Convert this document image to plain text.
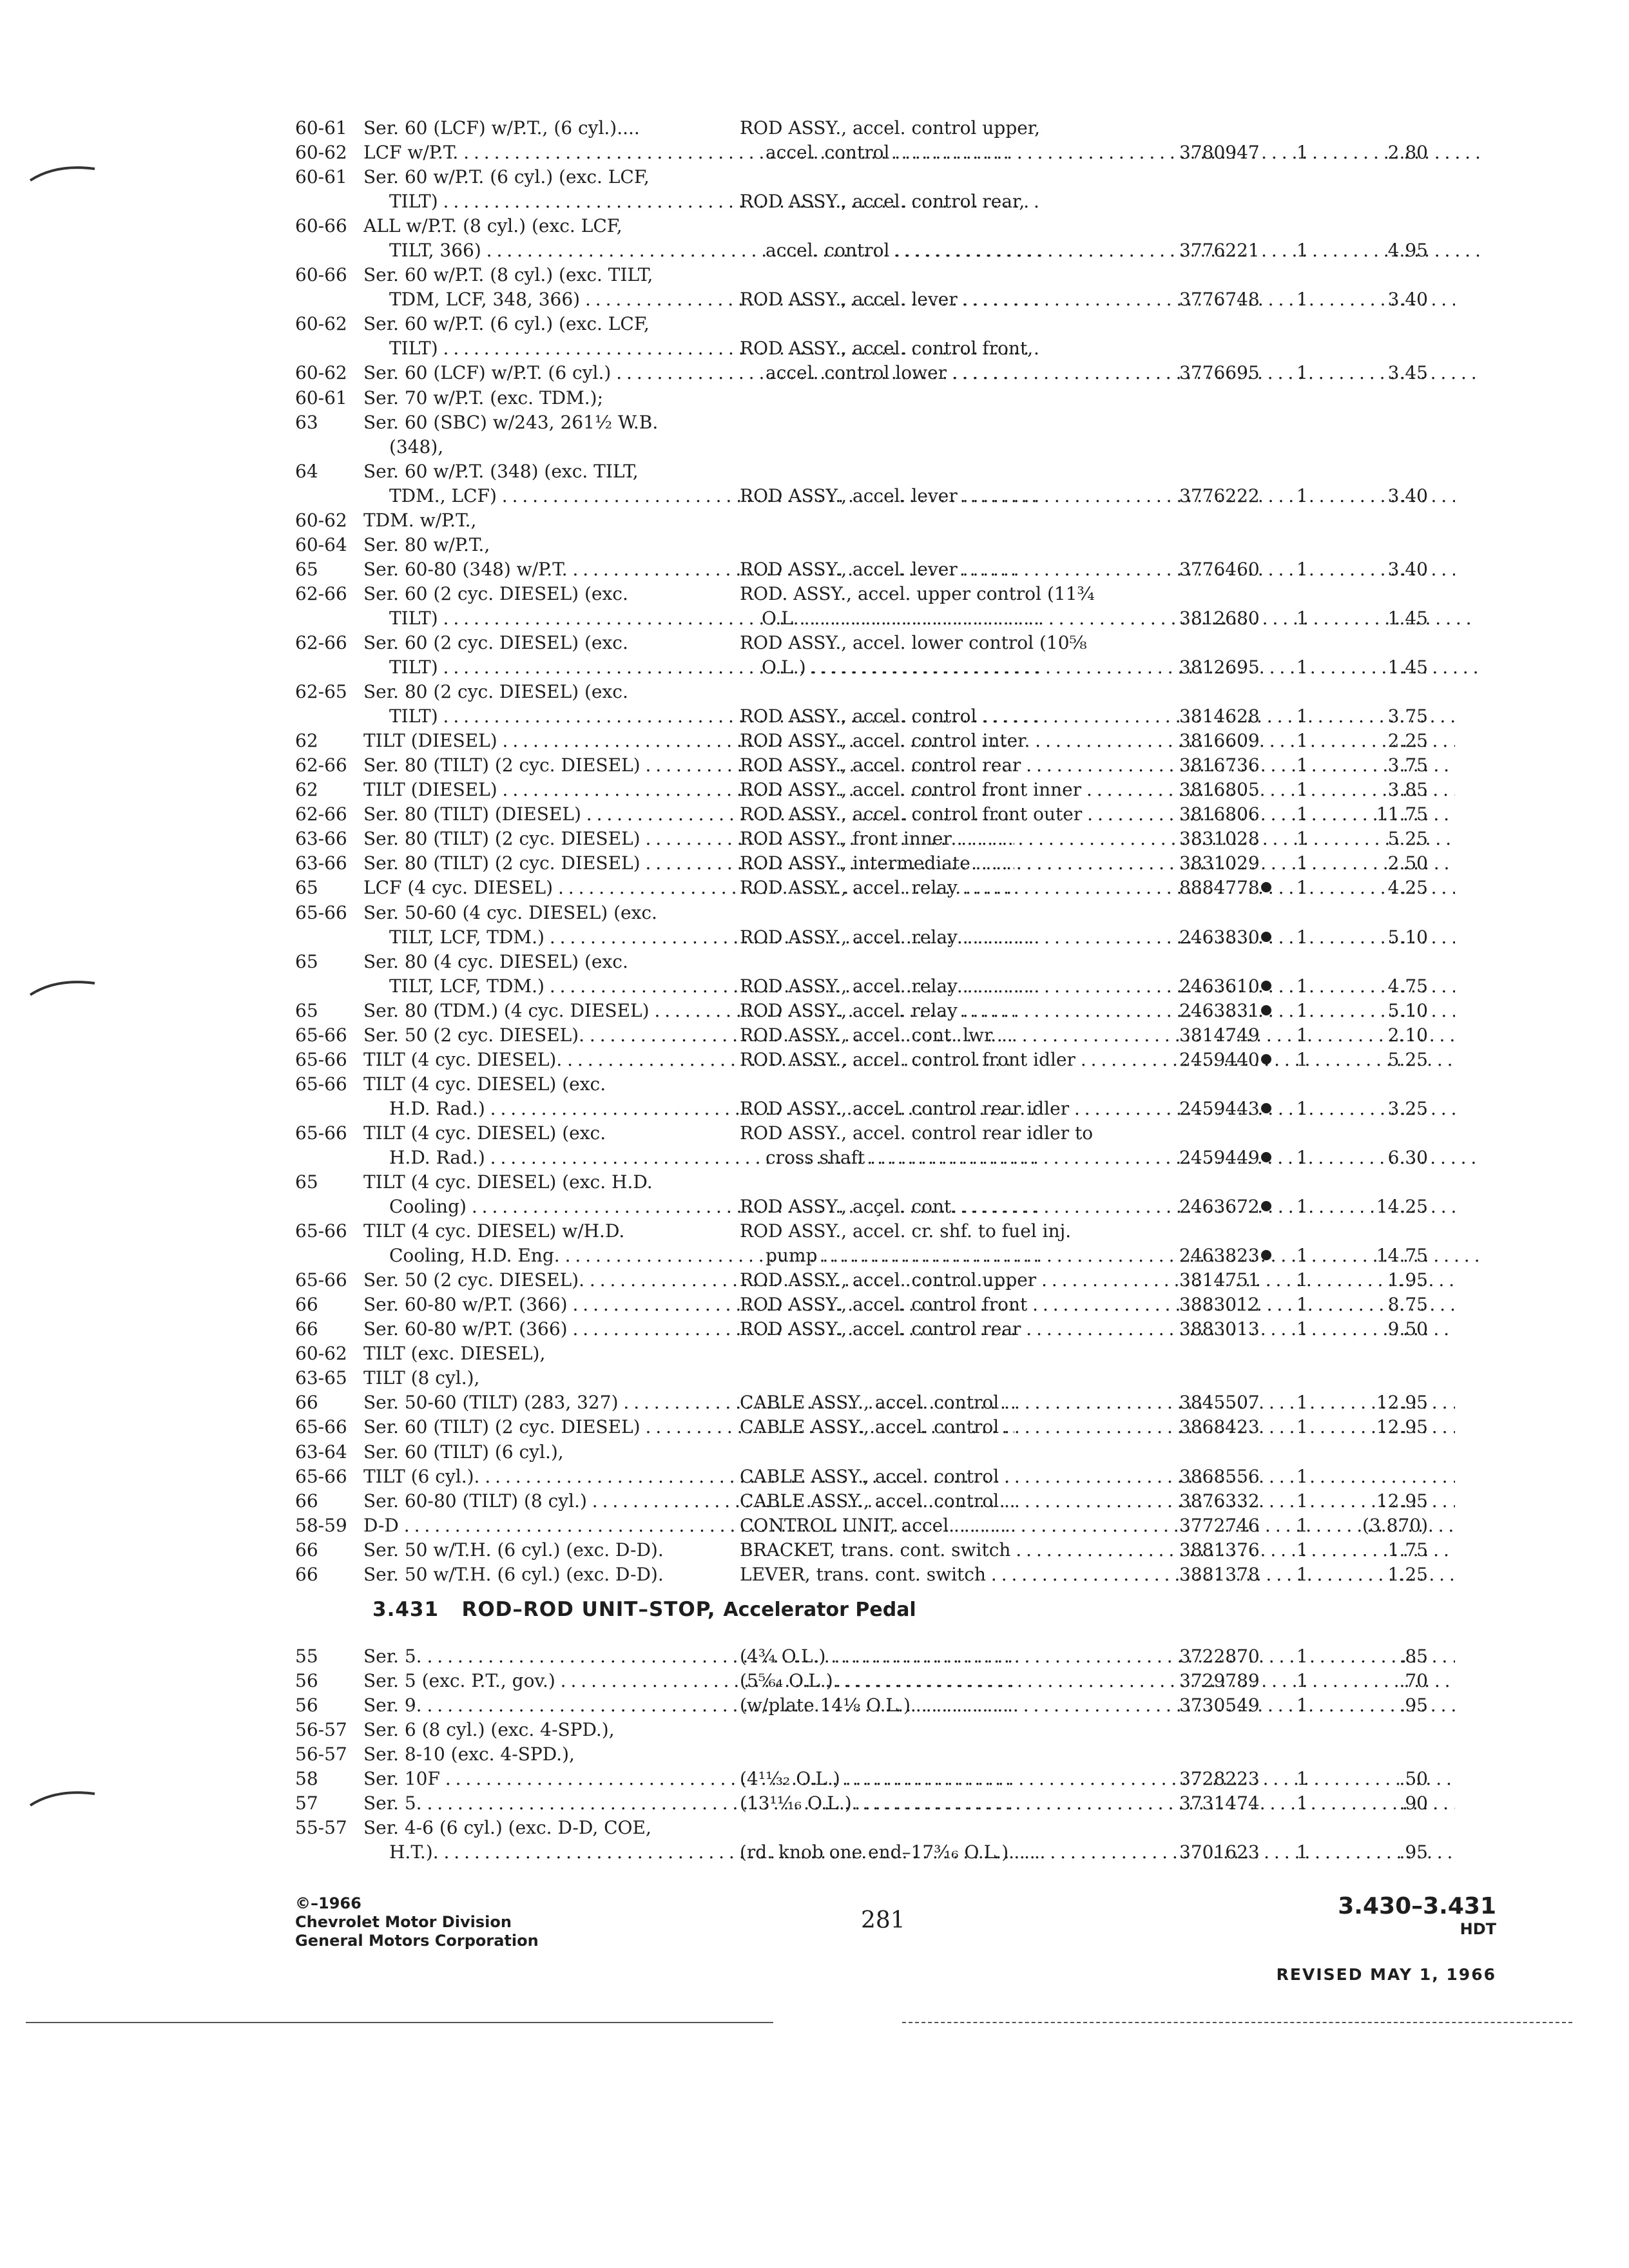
60-61 Ser. 60 (LCF) w/P.T., (6 cyl.)....	ROD ASSY., accel. control upper,
60-62 LCF w/P.T. . . .	accel. control . . .	3780947 1	2.80
60-61 Ser. 60 w/P.T. (6 cyl.) (exc. LCF,
TILT) . . .	ROD ASSY., accel. control rear,
60-66 ALL w/P.T. (8 cyl.) (exc. LCF,
TILT, 366) . . .	accel. control . . .	3776221 1	4.95
60-66 Ser. 60 w/P.T. (8 cyl.) (exc. TILT,
TDM, LCF, 348, 366) . . .	ROD ASSY., accel. lever . . .	3776748 1	3.40
60-62 Ser. 60 w/P.T. (6 cyl.) (exc. LCF,
TILT) . . .	ROD ASSY., accel. control front,
60-62 Ser. 60 (LCF) w/P.T. (6 cyl.) . . .	accel. control lower . . .	3776695 1	3.45
60-61 Ser. 70 w/P.T. (exc. TDM.);
63	Ser. 60 (SBC) w/243, 261½ W.B.
(348),
64	Ser. 60 w/P.T. (348) (exc. TILT,
TDM., LCF) . . .	ROD ASSY., accel. lever . . .	3776222 1	3.40
60-62 TDM. w/P.T.,
60-64 Ser. 80 w/P.T.,
65	Ser. 60-80 (348) w/P.T. . . .	ROD ASSY., accel. lever . . .	3776460 1	3.40
62-66 Ser. 60 (2 cyc. DIESEL) (exc.	ROD. ASSY., accel. upper control (11¾
TILT) . . .	O.L. . . .	3812680 1	1.45
62-66 Ser. 60 (2 cyc. DIESEL) (exc.	ROD ASSY., accel. lower control (10⅝
TILT) . . .	O.L.) . . .	3812695 1	1.45
62-65 Ser. 80 (2 cyc. DIESEL) (exc.
TILT) . . .	ROD ASSY., accel. control . . .	3814628 1	3.75
62	TILT (DIESEL) . . .	ROD ASSY., accel. control inter. . . .	3816609 1	2.25
62-66 Ser. 80 (TILT) (2 cyc. DIESEL) . . .	ROD ASSY., accel. control rear . . .	3816736 1	3.75
62	TILT (DIESEL) . . .	ROD ASSY., accel. control front inner . . .	3816805 1	3.85
62-66 Ser. 80 (TILT) (DIESEL) . . .	ROD ASSY., accel. control front outer . . .	3816806 1	11.75
63-66 Ser. 80 (TILT) (2 cyc. DIESEL) . . .	ROD ASSY., front inner . . .	3831028 1	5.25
63-66 Ser. 80 (TILT) (2 cyc. DIESEL) . . .	ROD ASSY., intermediate . . .	3831029 1	2.50
65	LCF (4 cyc. DIESEL) . . .	ROD ASSY., accel. relay . . .	8884778	1	4.25
65-66 Ser. 50-60 (4 cyc. DIESEL) (exc.
TILT, LCF, TDM.) . . .	ROD ASSY., accel. relay . . .	2463830	1	5.10
65	Ser. 80 (4 cyc. DIESEL) (exc.
TILT, LCF, TDM.) . . .	ROD ASSY., accel. relay . . .	2463610	1	4.75
65	Ser. 80 (TDM.) (4 cyc. DIESEL) . . .	ROD ASSY., accel. relay . . .	2463831	1	5.10
65-66 Ser. 50 (2 cyc. DIESEL). . . .	ROD ASSY., accel. cont. lwr. . . .	3814749 1	2.10
65-66 TILT (4 cyc. DIESEL). . . .	ROD ASSY., accel. control front idler . . .	2459440	1	5.25
65-66 TILT (4 cyc. DIESEL) (exc.
H.D. Rad.) . . .	ROD ASSY., accel. control rear idler . . .	2459443	1	3.25
65-66 TILT (4 cyc. DIESEL) (exc.	ROD ASSY., accel. control rear idler to
H.D. Rad.) . . .	cross shaft . . .	2459449	1	6.30
65	TILT (4 cyc. DIESEL) (exc. H.D.
Cooling) . . .	ROD ASSY., acçel. cont. . . .	2463672	1	14.25
65-66 TILT (4 cyc. DIESEL) w/H.D.	ROD ASSY., accel. cr. shf. to fuel inj.
Cooling, H.D. Eng. . . .	pump . . .	2463823	1	14.75
65-66 Ser. 50 (2 cyc. DIESEL). . . .	ROD ASSY., accel. control upper . . .	3814751 1	1.95
66	Ser. 60-80 w/P.T. (366) . . .	ROD ASSY., accel. control front . . .	3883012 1	8.75
66	Ser. 60-80 w/P.T. (366) . . .	ROD ASSY., accel. control rear . . .	3883013 1	9.50
60-62 TILT (exc. DIESEL),
63-65 TILT (8 cyl.),
66	Ser. 50-60 (TILT) (283, 327) . . .	CABLE ASSY., accel. control . . .	3845507 1	12.95
65-66 Ser. 60 (TILT) (2 cyc. DIESEL) . . .	CABLE ASSY., accel. control . . .	3868423 1	12.95
63-64 Ser. 60 (TILT) (6 cyl.),
65-66 TILT (6 cyl.). . . .	CABLE ASSY., accel. control . . .	3868556 1
66	Ser. 60-80 (TILT) (8 cyl.) . . .	CABLE ASSY., accel. control . . .	3876332 1	12.95
58-59 D-D . . .	CONTROL UNIT, accel. . . .	3772746 1	(3.870)
66	Ser. 50 w/T.H. (6 cyl.) (exc. D-D).	BRACKET, trans. cont. switch . . .	3881376 1	1.75
66	Ser. 50 w/T.H. (6 cyl.) (exc. D-D).	LEVER, trans. cont. switch . . .	3881378 1	1.25
3.431 ROD–ROD UNIT–STOP, Accelerator Pedal
55	Ser. 5. . . .	(4¾ O.L.) . . .	3722870 1	.85
56	Ser. 5 (exc. P.T., gov.) . . .	(5⁵⁄₆₄ O.L.). . . .	3729789 1	.70
56	Ser. 9. . . .	(w/plate 14⅛ O.L.). . . .	3730549 1	.95
56-57 Ser. 6 (8 cyl.) (exc. 4-SPD.),
56-57 Ser. 8-10 (exc. 4-SPD.),
58	Ser. 10F . . .	(4¹¹⁄₃₂ O.L.) . . .	3728223 1	.50
57	Ser. 5. . . .	(13¹¹⁄₁₆ O.L.). . . .	3731474 1	.90
55-57 Ser. 4-6 (6 cyl.) (exc. D-D, COE,
H.T.). . . .	(rd. knob one end–17³⁄₁₆ O.L.). . . .	3701623 1	.95
©–1966
Chevrolet Motor Division
General Motors Corporation
281
3.430–3.431
HDT
REVISED MAY 1, 1966
